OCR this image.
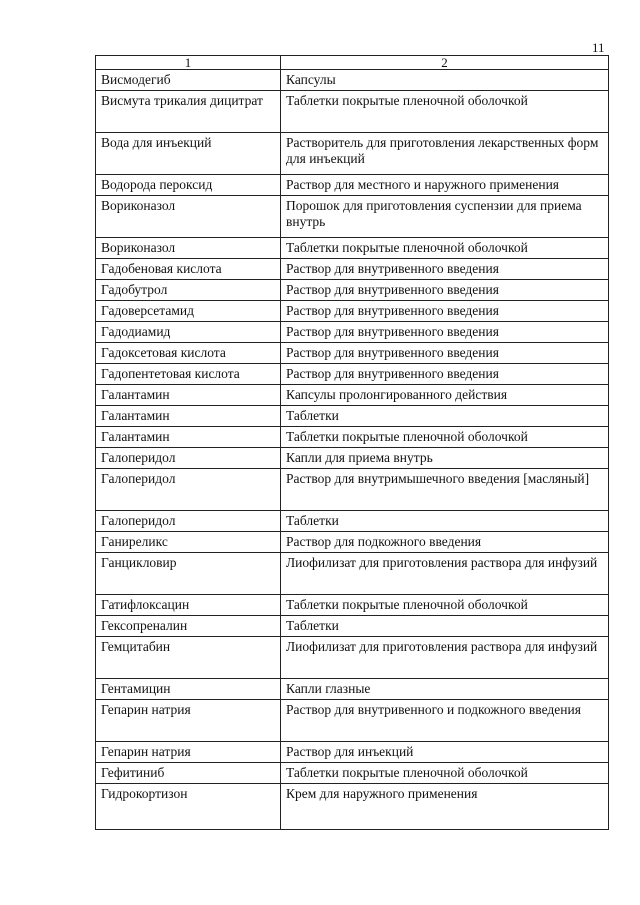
11
1	2
Висмодегиб	Капсулы
Висмута трикалия дицитрат	Таблетки покрытые пленочной оболочкой
Вода для инъекций	Растворитель для приготовления лекарственных форм для инъекций
Водорода пероксид	Раствор для местного и наружного применения
Вориконазол	Порошок для приготовления суспензии для приема внутрь
Вориконазол	Таблетки покрытые пленочной оболочкой
Гадобеновая кислота	Раствор для внутривенного введения
Гадобутрол	Раствор для внутривенного введения
Гадоверсетамид	Раствор для внутривенного введения
Гадодиамид	Раствор для внутривенного введения
Гадоксетовая кислота	Раствор для внутривенного введения
Гадопентетовая кислота	Раствор для внутривенного введения
Галантамин	Капсулы пролонгированного действия
Галантамин	Таблетки
Галантамин	Таблетки покрытые пленочной оболочкой
Галоперидол	Капли для приема внутрь
Галоперидол	Раствор для внутримышечного введения [масляный]
Галоперидол	Таблетки
Ганиреликс	Раствор для подкожного введения
Ганцикловир	Лиофилизат для приготовления раствора для инфузий
Гатифлоксацин	Таблетки покрытые пленочной оболочкой
Гексопреналин	Таблетки
Гемцитабин	Лиофилизат для приготовления раствора для инфузий
Гентамицин	Капли глазные
Гепарин натрия	Раствор для внутривенного и подкожного введения
Гепарин натрия	Раствор для инъекций
Гефитиниб	Таблетки покрытые пленочной оболочкой
Гидрокортизон	Крем для наружного применения
